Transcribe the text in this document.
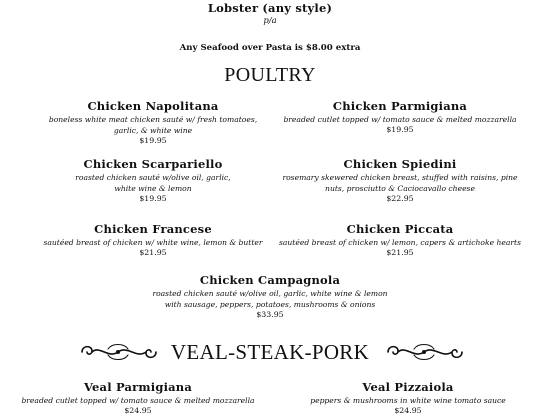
Lobster (any style)
p/a
Any Seafood over Pasta is $8.00 extra
POULTRY
Chicken Napolitana
boneless white meat chicken sauté w/ fresh tomatoes,
garlic, & white wine
$19.95
Chicken Parmigiana
breaded cutlet topped w/ tomato sauce & melted mozzarella
$19.95
Chicken Scarpariello
roasted chicken sauté w/olive oil, garlic,
white wine & lemon
$19.95
Chicken Spiedini
rosemary skewered chicken breast, stuffed with raisins, pine
nuts, prosciutto & Caciocavallo cheese
$22.95
Chicken Francese
sautéed breast of chicken w/ white wine, lemon & butter
$21.95
Chicken Piccata
sautéed breast of chicken w/ lemon, capers & artichoke hearts
$21.95
Chicken Campagnola
roasted chicken sauté w/olive oil, garlic, white wine & lemon
with sausage, peppers, potatoes, mushrooms & onions
$33.95
VEAL-STEAK-PORK
Veal Parmigiana
breaded cutlet topped w/ tomato sauce & melted mozzarella
$24.95
Veal Pizzaiola
peppers & mushrooms in white wine tomato sauce
$24.95
